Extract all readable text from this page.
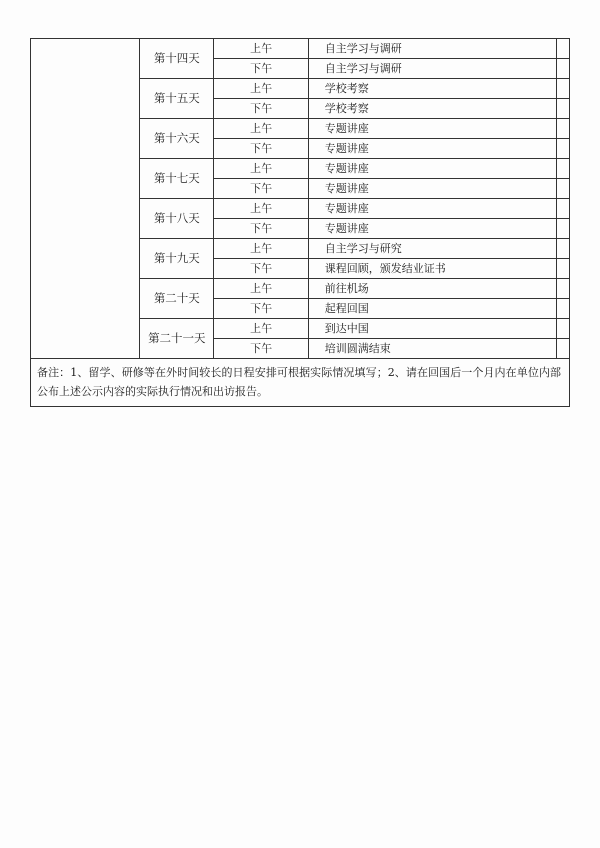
	第十四天	上午	自主学习与调研	
		下午	自主学习与调研	
	第十五天	上午	学校考察	
		下午	学校考察	
	第十六天	上午	专题讲座	
		下午	专题讲座	
	第十七天	上午	专题讲座	
		下午	专题讲座	
	第十八天	上午	专题讲座	
		下午	专题讲座	
	第十九天	上午	自主学习与研究	
		下午	课程回顾，颁发结业证书	
	第二十天	上午	前往机场	
		下午	起程回国	
	第二十一天	上午	到达中国	
		下午	培训圆满结束	
备注：1、留学、研修等在外时间较长的日程安排可根据实际情况填写；2、请在回国后一个月内在单位内部公布上述公示内容的实际执行情况和出访报告。				
